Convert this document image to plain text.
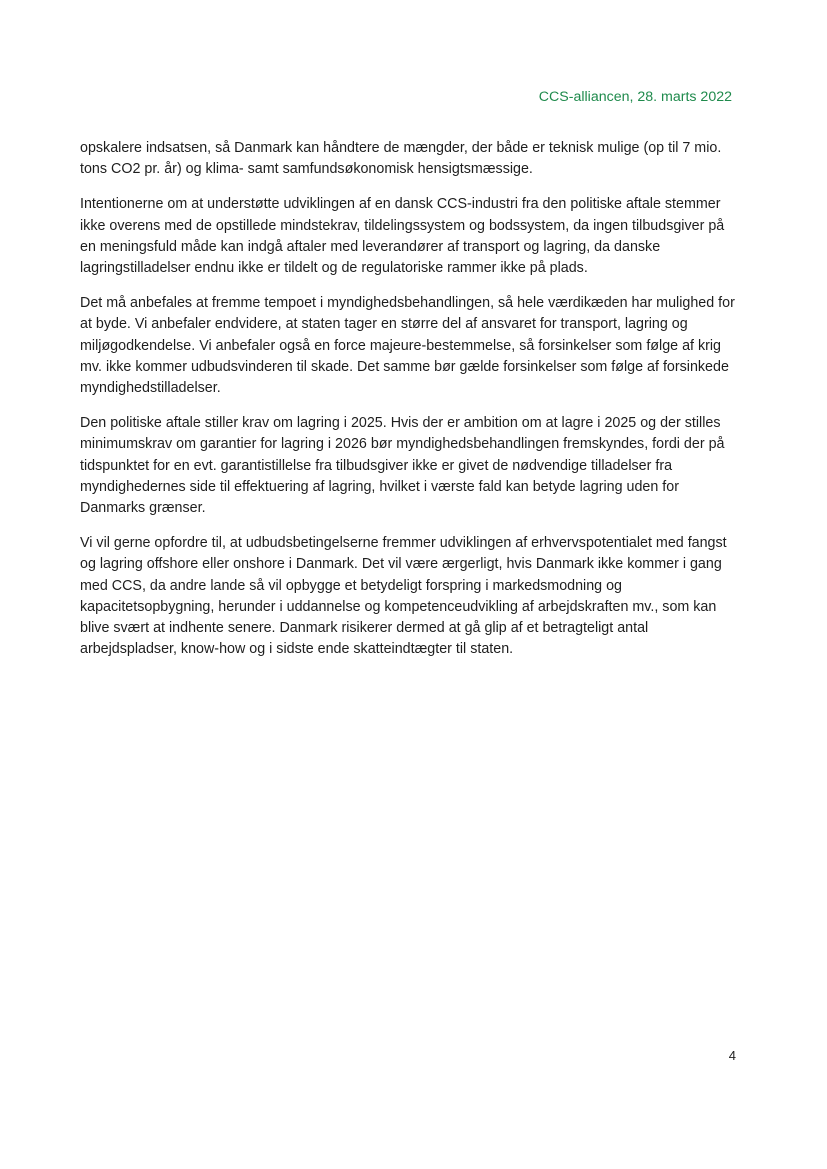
CCS-alliancen, 28. marts 2022

opskalere indsatsen, så Danmark kan håndtere de mængder, der både er teknisk mulige (op til 7 mio. tons CO2 pr. år) og klima- samt samfundsøkonomisk hensigtsmæssige.

Intentionerne om at understøtte udviklingen af en dansk CCS-industri fra den politiske aftale stemmer ikke overens med de opstillede mindstekrav, tildelingssystem og bodssystem, da ingen tilbudsgiver på en meningsfuld måde kan indgå aftaler med leverandører af transport og lagring, da danske lagringstilladelser endnu ikke er tildelt og de regulatoriske rammer ikke på plads.

Det må anbefales at fremme tempoet i myndighedsbehandlingen, så hele værdikæden har mulighed for at byde. Vi anbefaler endvidere, at staten tager en større del af ansvaret for transport, lagring og miljøgodkendelse. Vi anbefaler også en force majeure-bestemmelse, så forsinkelser som følge af krig mv. ikke kommer udbudsvinderen til skade. Det samme bør gælde forsinkelser som følge af forsinkede myndighedstilladelser.

Den politiske aftale stiller krav om lagring i 2025. Hvis der er ambition om at lagre i 2025 og der stilles minimumskrav om garantier for lagring i 2026 bør myndighedsbehandlingen fremskyndes, fordi der på tidspunktet for en evt. garantistillelse fra tilbudsgiver ikke er givet de nødvendige tilladelser fra myndighedernes side til effektuering af lagring, hvilket i værste fald kan betyde lagring uden for Danmarks grænser.

Vi vil gerne opfordre til, at udbudsbetingelserne fremmer udviklingen af erhvervspotentialet med fangst og lagring offshore eller onshore i Danmark. Det vil være ærgerligt, hvis Danmark ikke kommer i gang med CCS, da andre lande så vil opbygge et betydeligt forspring i markedsmodning og kapacitetsopbygning, herunder i uddannelse og kompetenceudvikling af arbejdskraften mv., som kan blive svært at indhente senere. Danmark risikerer dermed at gå glip af et betragteligt antal arbejdspladser, know-how og i sidste ende skatteindtægter til staten.

4
